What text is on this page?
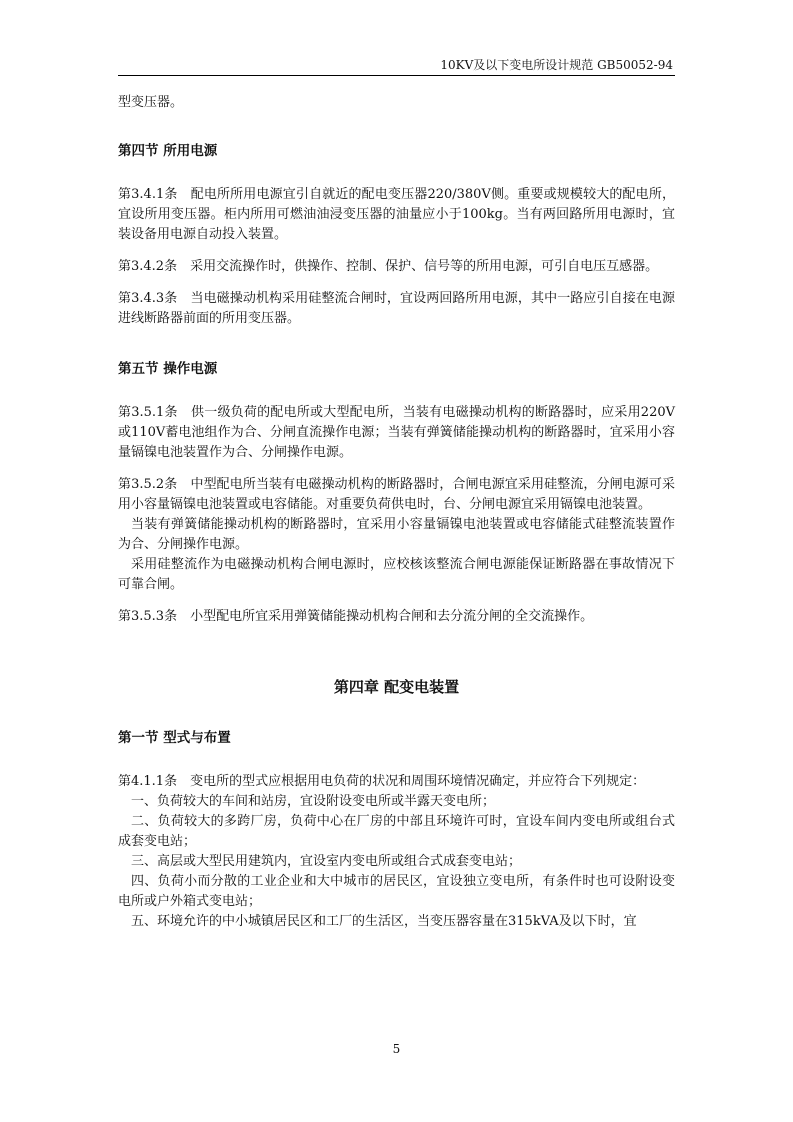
10KV及以下变电所设计规范 GB50052-94

型变压器。

第四节 所用电源

第3.4.1条　配电所所用电源宜引自就近的配电变压器220/380V侧。重要或规模较大的配电所，宜设所用变压器。柜内所用可燃油油浸变压器的油量应小于100kg。当有两回路所用电源时，宜装设备用电源自动投入装置。

第3.4.2条　采用交流操作时，供操作、控制、保护、信号等的所用电源，可引自电压互感器。

第3.4.3条　当电磁操动机构采用硅整流合闸时，宜设两回路所用电源，其中一路应引自接在电源进线断路器前面的所用变压器。

第五节 操作电源

第3.5.1条　供一级负荷的配电所或大型配电所，当装有电磁操动机构的断路器时，应采用220V或110V蓄电池组作为合、分闸直流操作电源；当装有弹簧储能操动机构的断路器时，宜采用小容量镉镍电池装置作为合、分闸操作电源。

第3.5.2条　中型配电所当装有电磁操动机构的断路器时，合闸电源宜采用硅整流，分闸电源可采用小容量镉镍电池装置或电容储能。对重要负荷供电时，台、分闸电源宜采用镉镍电池装置。

当装有弹簧储能操动机构的断路器时，宜采用小容量镉镍电池装置或电容储能式硅整流装置作为合、分闸操作电源。

采用硅整流作为电磁操动机构合闸电源时，应校核该整流合闸电源能保证断路器在事故情况下可靠合闸。

第3.5.3条　小型配电所宜采用弹簧储能操动机构合闸和去分流分闸的全交流操作。

第四章 配变电装置
第一节 型式与布置

第4.1.1条　变电所的型式应根据用电负荷的状况和周围环境情况确定，并应符合下列规定：

一、负荷较大的车间和站房，宜设附设变电所或半露天变电所；

二、负荷较大的多跨厂房，负荷中心在厂房的中部且环境许可时，宜设车间内变电所或组台式成套变电站；

三、高层或大型民用建筑内，宜设室内变电所或组合式成套变电站；

四、负荷小而分散的工业企业和大中城市的居民区，宜设独立变电所，有条件时也可设附设变电所或户外箱式变电站；

五、环境允许的中小城镇居民区和工厂的生活区，当变压器容量在315kVA及以下时，宜

5
